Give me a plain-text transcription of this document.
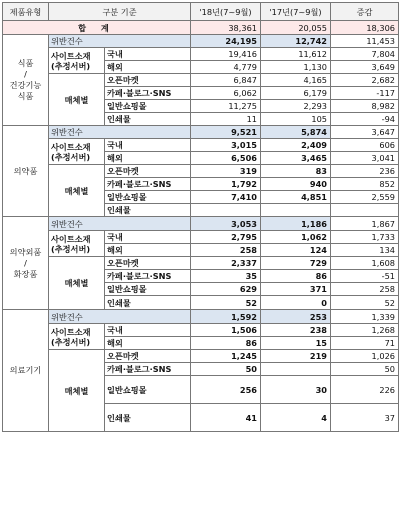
제품유형	구분 기준		'18년(7~9월)	'17년(7~9월)	증감
합 계			38,361	20,055	18,306
식품
/
건강기능
식품	위반건수		24,195	12,742	11,453
	사이트소재
(추정서버)	국내	19,416	11,612	7,804
		해외	4,779	1,130	3,649
	매체별	오픈마켓	6,847	4,165	2,682
		카페·블로그·SNS	6,062	6,179	-117
		일반쇼핑몰	11,275	2,293	8,982
		인쇄물	11	105	-94
의약품	위반건수		9,521	5,874	3,647
	사이트소재
(추정서버)	국내	3,015	2,409	606
		해외	6,506	3,465	3,041
	매체별	오픈마켓	319	83	236
		카페·블로그·SNS	1,792	940	852
		일반쇼핑몰	7,410	4,851	2,559
		인쇄물			
의약외품
/
화장품	위반건수		3,053	1,186	1,867
	사이트소재
(추정서버)	국내	2,795	1,062	1,733
		해외	258	124	134
	매체별	오픈마켓	2,337	729	1,608
		카페·블로그·SNS	35	86	-51
		일반쇼핑몰	629	371	258
		인쇄물	52	0	52
의료기기	위반건수		1,592	253	1,339
	사이트소재
(추정서버)	국내	1,506	238	1,268
		해외	86	15	71
	매체별	오픈마켓	1,245	219	1,026
		카페·블로그·SNS	50		50
		일반쇼핑몰	256	30	226
		인쇄물	41	4	37
